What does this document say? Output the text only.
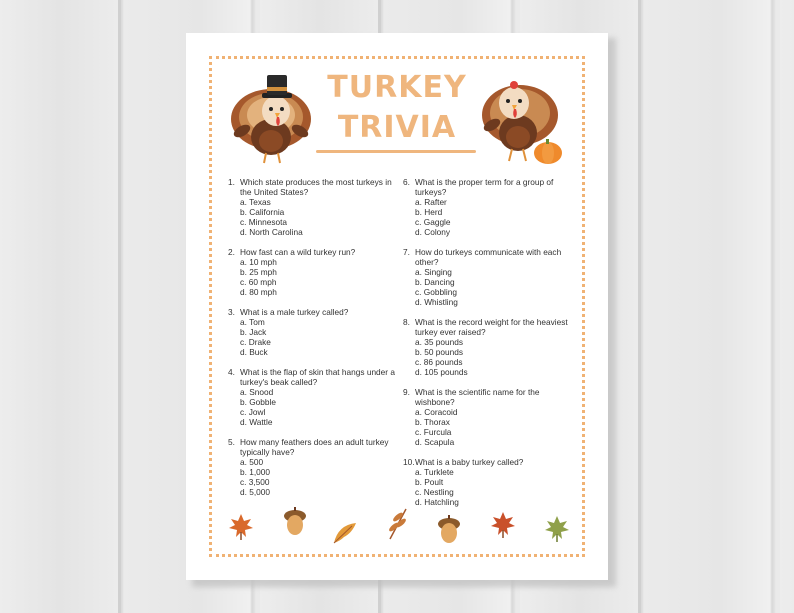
TURKEY
TRIVIA
1. Which state produces the most turkeys in the United States?
a. Texas
b. California
c. Minnesota
d. North Carolina
2. How fast can a wild turkey run?
a. 10 mph
b. 25 mph
c. 60 mph
d. 80 mph
3. What is a male turkey called?
a. Tom
b. Jack
c. Drake
d. Buck
4. What is the flap of skin that hangs under a turkey's beak called?
a. Snood
b. Gobble
c. Jowl
d. Wattle
5. How many feathers does an adult turkey typically have?
a. 500
b. 1,000
c. 3,500
d. 5,000
6. What is the proper term for a group of turkeys?
a. Rafter
b. Herd
c. Gaggle
d. Colony
7. How do turkeys communicate with each other?
a. Singing
b. Dancing
c. Gobbling
d. Whistling
8. What is the record weight for the heaviest turkey ever raised?
a. 35 pounds
b. 50 pounds
c. 86 pounds
d. 105 pounds
9. What is the scientific name for the wishbone?
a. Coracoid
b. Thorax
c. Furcula
d. Scapula
10. What is a baby turkey called?
a. Turklete
b. Poult
c. Nestling
d. Hatchling
